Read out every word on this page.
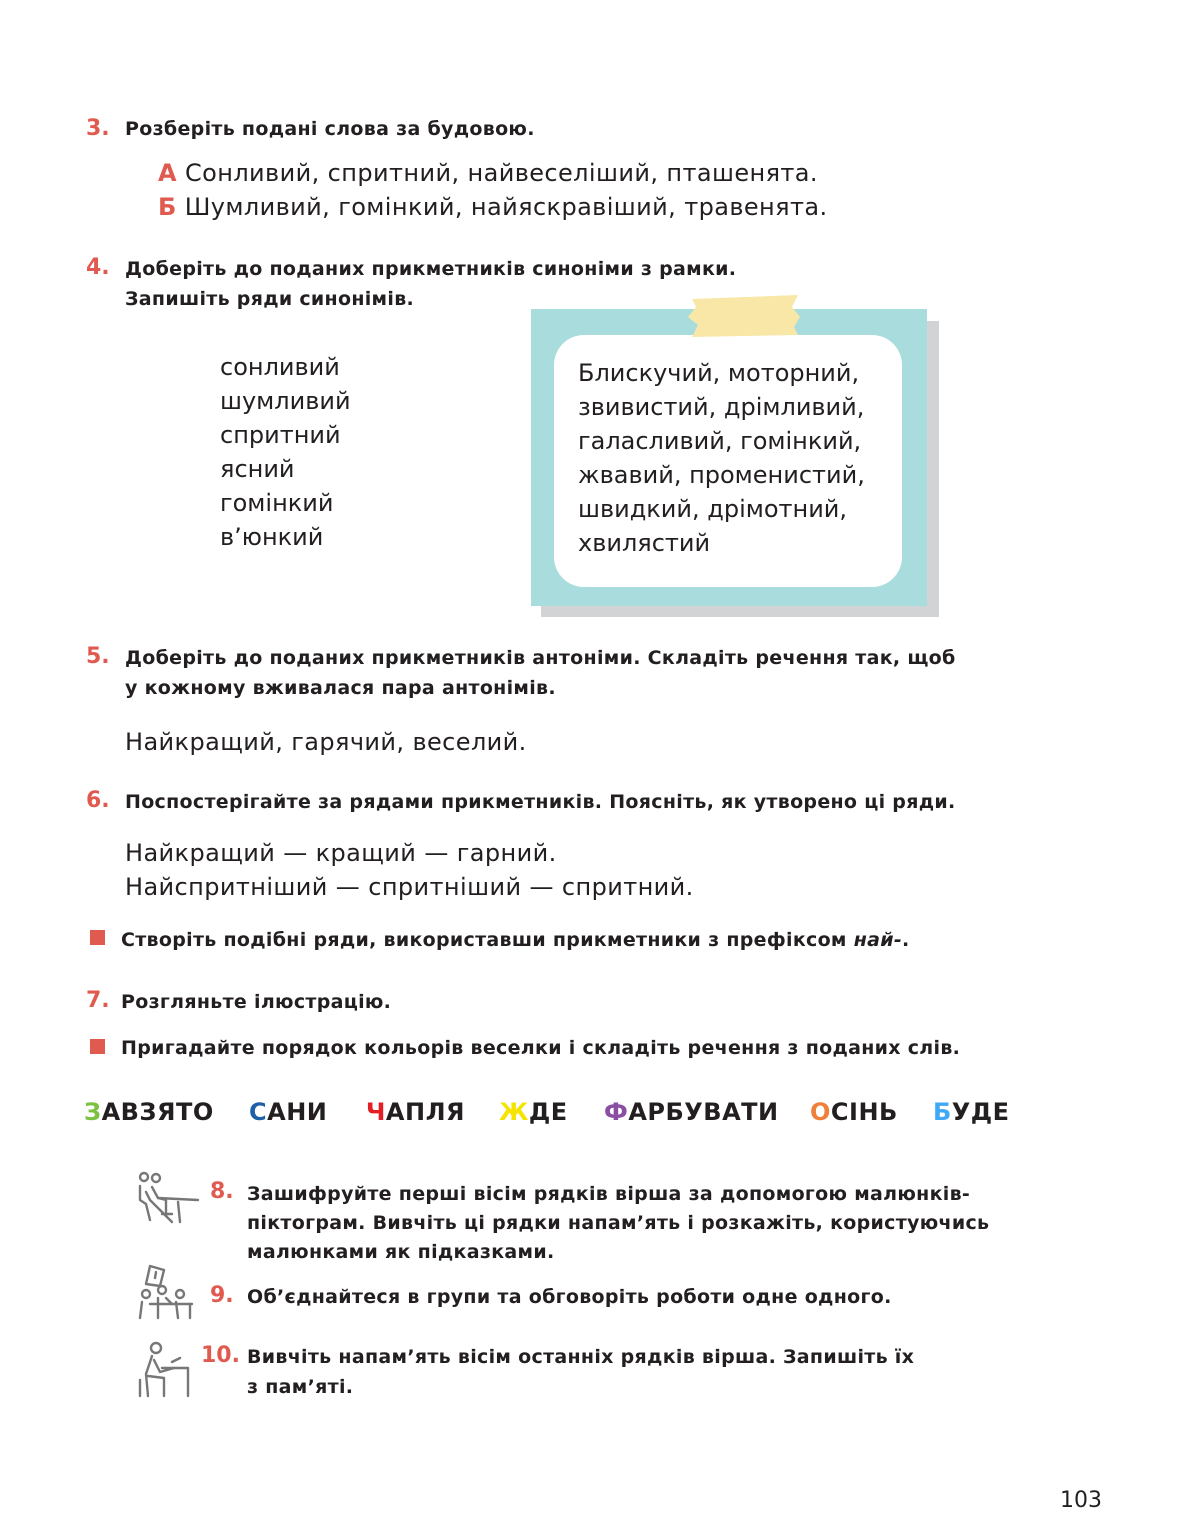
3. Розберіть подані слова за будовою.
А Сонливий, спритний, найвеселіший, пташенята.
Б Шумливий, гомінкий, найяскравіший, травенята.
4. Доберіть до поданих прикметників синоніми з рамки.
Запишіть ряди синонімів.
сонливий
шумливий
спритний
ясний
гомінкий
в’юнкий
Блискучий, моторний,
звивистий, дрімливий,
галасливий, гомінкий,
жвавий, променистий,
швидкий, дрімотний,
хвилястий
5. Доберіть до поданих прикметників антоніми. Складіть речення так, щоб
у кожному вживалася пара антонімів.
Найкращий, гарячий, веселий.
6. Поспостерігайте за рядами прикметників. Поясніть, як утворено ці ряди.
Найкращий — кращий — гарний.
Найспритніший — спритніший — спритний.
Створіть подібні ряди, використавши прикметники з префіксом най-.
7. Розгляньте ілюстрацію.
Пригадайте порядок кольорів веселки і складіть речення з поданих слів.
ЗАВЗЯТО САНИ ЧАПЛЯ ЖДЕ ФАРБУВАТИ ОСІНЬ БУДЕ
8. Зашифруйте перші вісім рядків вірша за допомогою малюнків-
піктограм. Вивчіть ці рядки напам’ять і розкажіть, користуючись
малюнками як підказками.
9. Об’єднайтеся в групи та обговоріть роботи одне одного.
10. Вивчіть напам’ять вісім останніх рядків вірша. Запишіть їх
з пам’яті.
103
